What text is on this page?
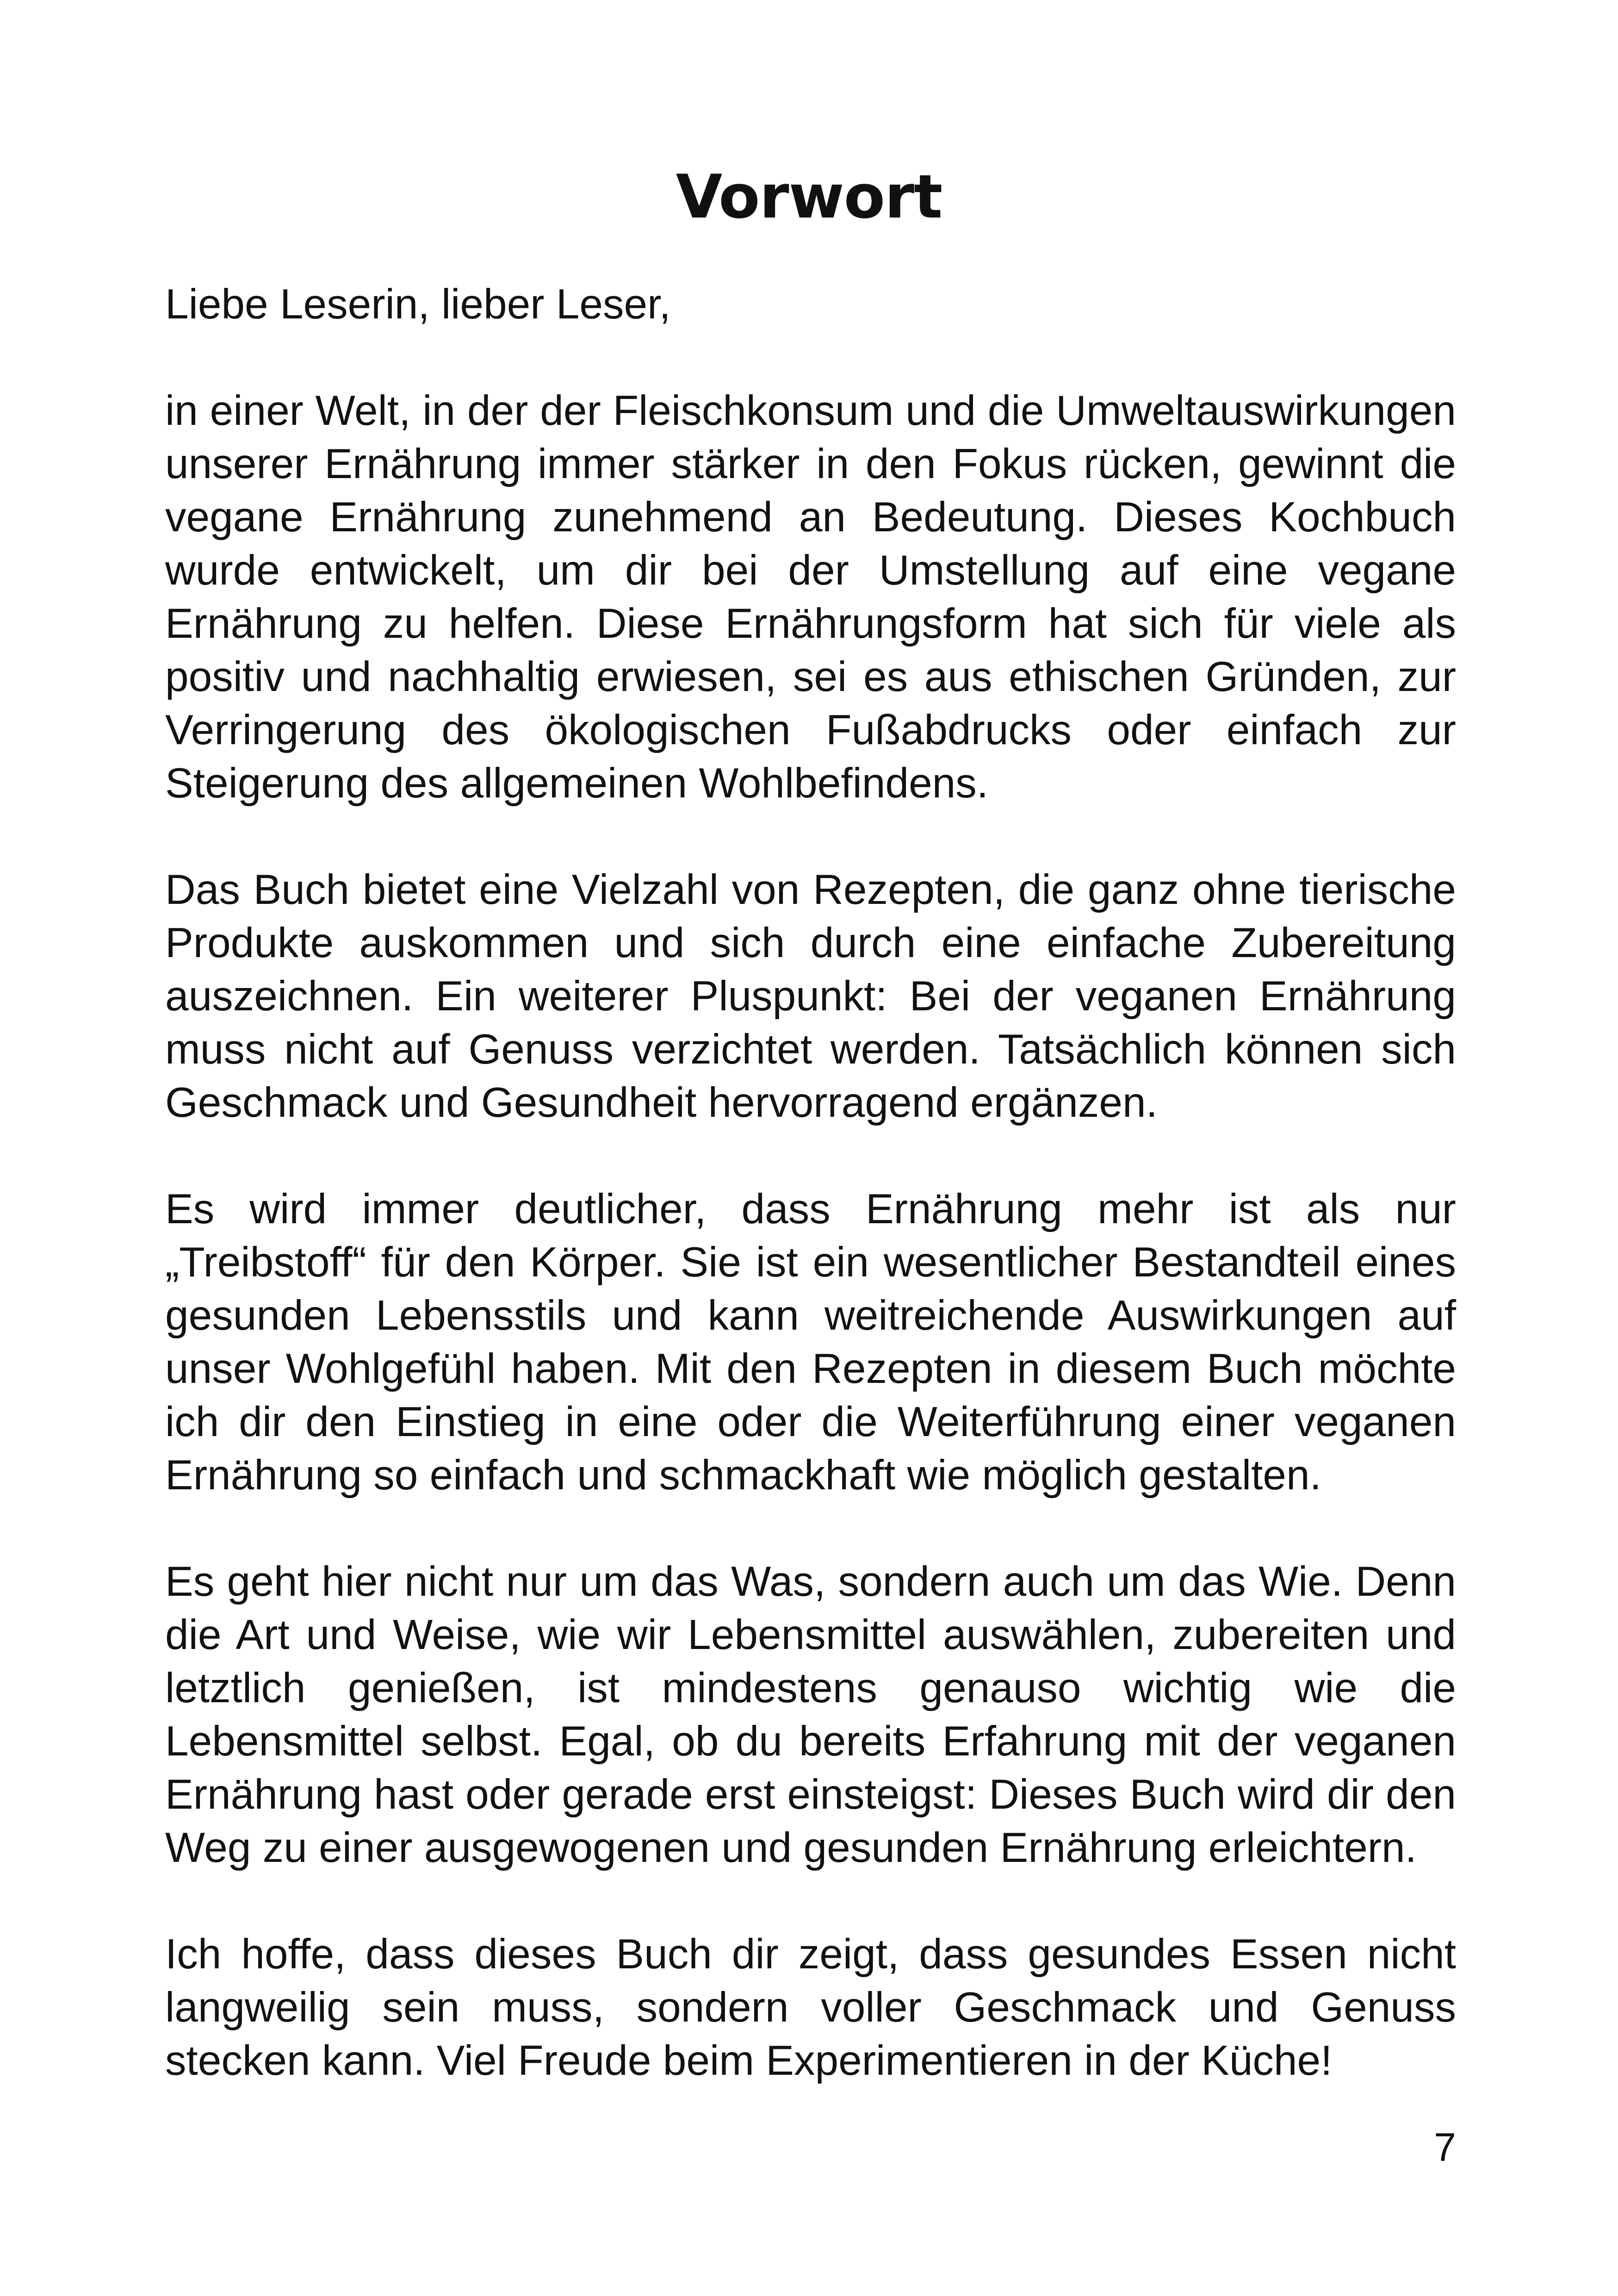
Vorwort

Liebe Leserin, lieber Leser,

in einer Welt, in der der Fleischkonsum und die Umweltauswirkungen unserer Ernährung immer stärker in den Fokus rücken, gewinnt die vegane Ernährung zunehmend an Bedeutung. Dieses Kochbuch wurde entwickelt, um dir bei der Umstellung auf eine vegane Ernährung zu helfen. Diese Ernährungsform hat sich für viele als positiv und nachhaltig erwiesen, sei es aus ethischen Gründen, zur Verringerung des ökologischen Fußabdrucks oder einfach zur Steigerung des allgemeinen Wohlbefindens.

Das Buch bietet eine Vielzahl von Rezepten, die ganz ohne tierische Produkte auskommen und sich durch eine einfache Zubereitung auszeichnen. Ein weiterer Pluspunkt: Bei der veganen Ernährung muss nicht auf Genuss verzichtet werden. Tatsächlich können sich Geschmack und Gesundheit hervorragend ergänzen.

Es wird immer deutlicher, dass Ernährung mehr ist als nur „Treibstoff“ für den Körper. Sie ist ein wesentlicher Bestandteil eines gesunden Lebensstils und kann weitreichende Auswirkungen auf unser Wohlgefühl haben. Mit den Rezepten in diesem Buch möchte ich dir den Einstieg in eine oder die Weiterführung einer veganen Ernährung so einfach und schmackhaft wie möglich gestalten.

Es geht hier nicht nur um das Was, sondern auch um das Wie. Denn die Art und Weise, wie wir Lebensmittel auswählen, zubereiten und letztlich genießen, ist mindestens genauso wichtig wie die Lebensmittel selbst. Egal, ob du bereits Erfahrung mit der veganen Ernährung hast oder gerade erst einsteigst: Dieses Buch wird dir den Weg zu einer ausgewogenen und gesunden Ernährung erleichtern.

Ich hoffe, dass dieses Buch dir zeigt, dass gesundes Essen nicht langweilig sein muss, sondern voller Geschmack und Genuss stecken kann. Viel Freude beim Experimentieren in der Küche!

7
